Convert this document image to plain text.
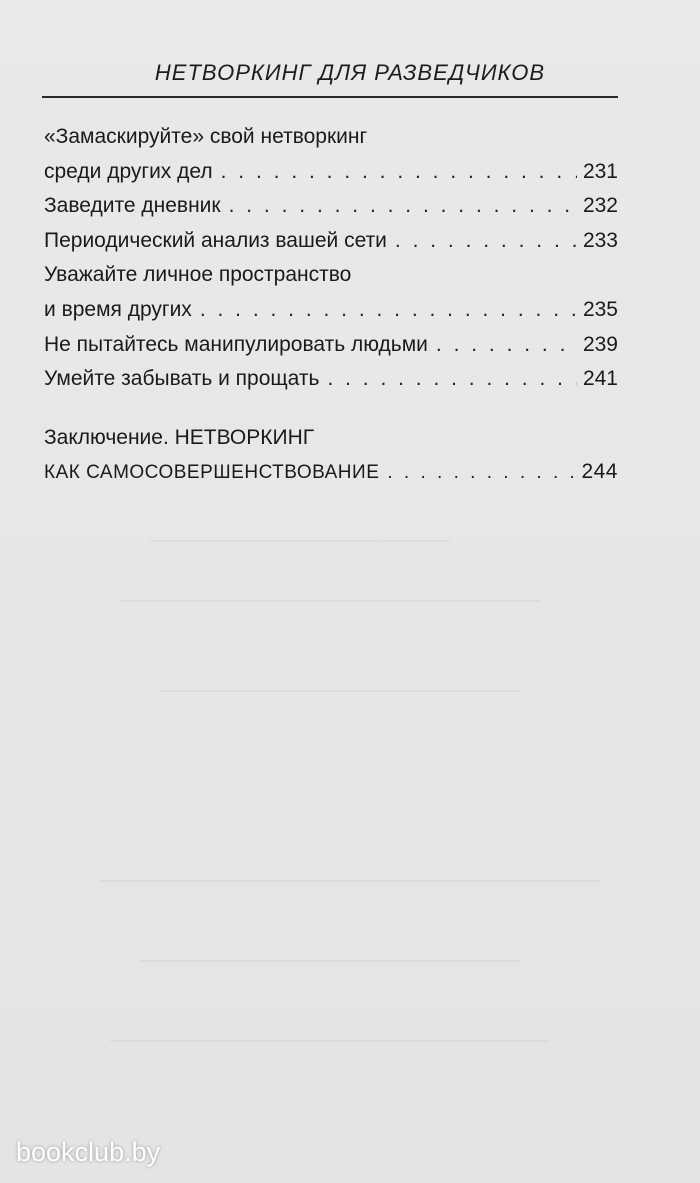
НЕТВОРКИНГ ДЛЯ РАЗВЕДЧИКОВ
«Замаскируйте» свой нетворкинг
среди других дел . . .	231
Заведите дневник . . .	232
Периодический анализ вашей сети . . .	233
Уважайте личное пространство
и время других . . .	235
Не пытайтесь манипулировать людьми . . .	239
Умейте забывать и прощать . . .	241
Заключение. НЕТВОРКИНГ
КАК САМОСОВЕРШЕНСТВОВАНИЕ . . .	244
bookclub.by
